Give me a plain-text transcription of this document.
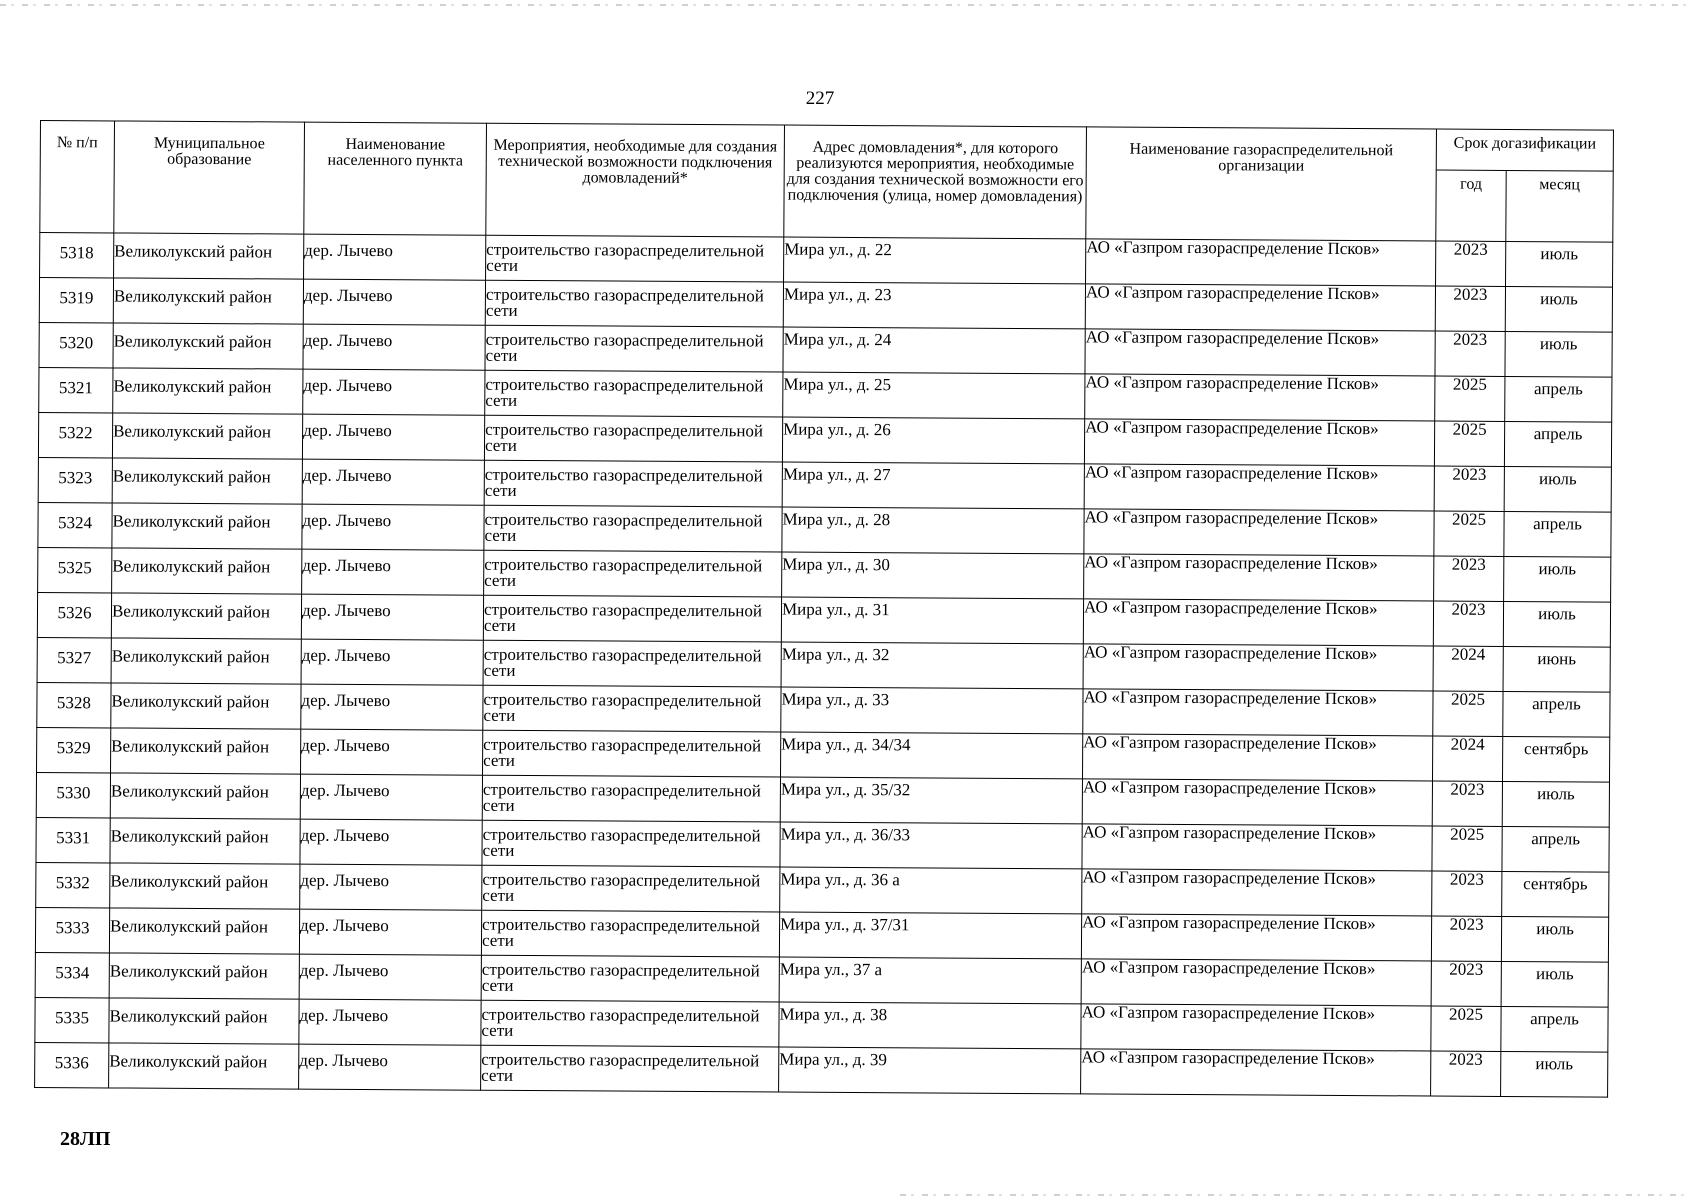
227
№ п/п	Муниципальное образование	Наименование населенного пункта	Мероприятия, необходимые для создания технической возможности подключения домовладений*	Адрес домовладения*, для которого реализуются мероприятия, необходимые для создания технической возможности его подключения (улица, номер домовладения)	Наименование газораспределительной организации	Срок догазификации	
						год	месяц
5318	Великолукский район	дер. Лычево	строительство газораспределительной сети	Мира ул., д. 22	АО «Газпром газораспределение Псков»	2023	июль
5319	Великолукский район	дер. Лычево	строительство газораспределительной сети	Мира ул., д. 23	АО «Газпром газораспределение Псков»	2023	июль
5320	Великолукский район	дер. Лычево	строительство газораспределительной сети	Мира ул., д. 24	АО «Газпром газораспределение Псков»	2023	июль
5321	Великолукский район	дер. Лычево	строительство газораспределительной сети	Мира ул., д. 25	АО «Газпром газораспределение Псков»	2025	апрель
5322	Великолукский район	дер. Лычево	строительство газораспределительной сети	Мира ул., д. 26	АО «Газпром газораспределение Псков»	2025	апрель
5323	Великолукский район	дер. Лычево	строительство газораспределительной сети	Мира ул., д. 27	АО «Газпром газораспределение Псков»	2023	июль
5324	Великолукский район	дер. Лычево	строительство газораспределительной сети	Мира ул., д. 28	АО «Газпром газораспределение Псков»	2025	апрель
5325	Великолукский район	дер. Лычево	строительство газораспределительной сети	Мира ул., д. 30	АО «Газпром газораспределение Псков»	2023	июль
5326	Великолукский район	дер. Лычево	строительство газораспределительной сети	Мира ул., д. 31	АО «Газпром газораспределение Псков»	2023	июль
5327	Великолукский район	дер. Лычево	строительство газораспределительной сети	Мира ул., д. 32	АО «Газпром газораспределение Псков»	2024	июнь
5328	Великолукский район	дер. Лычево	строительство газораспределительной сети	Мира ул., д. 33	АО «Газпром газораспределение Псков»	2025	апрель
5329	Великолукский район	дер. Лычево	строительство газораспределительной сети	Мира ул., д. 34/34	АО «Газпром газораспределение Псков»	2024	сентябрь
5330	Великолукский район	дер. Лычево	строительство газораспределительной сети	Мира ул., д. 35/32	АО «Газпром газораспределение Псков»	2023	июль
5331	Великолукский район	дер. Лычево	строительство газораспределительной сети	Мира ул., д. 36/33	АО «Газпром газораспределение Псков»	2025	апрель
5332	Великолукский район	дер. Лычево	строительство газораспределительной сети	Мира ул., д. 36 а	АО «Газпром газораспределение Псков»	2023	сентябрь
5333	Великолукский район	дер. Лычево	строительство газораспределительной сети	Мира ул., д. 37/31	АО «Газпром газораспределение Псков»	2023	июль
5334	Великолукский район	дер. Лычево	строительство газораспределительной сети	Мира ул., 37 а	АО «Газпром газораспределение Псков»	2023	июль
5335	Великолукский район	дер. Лычево	строительство газораспределительной сети	Мира ул., д. 38	АО «Газпром газораспределение Псков»	2025	апрель
5336	Великолукский район	дер. Лычево	строительство газораспределительной сети	Мира ул., д. 39	АО «Газпром газораспределение Псков»	2023	июль
28ЛП
